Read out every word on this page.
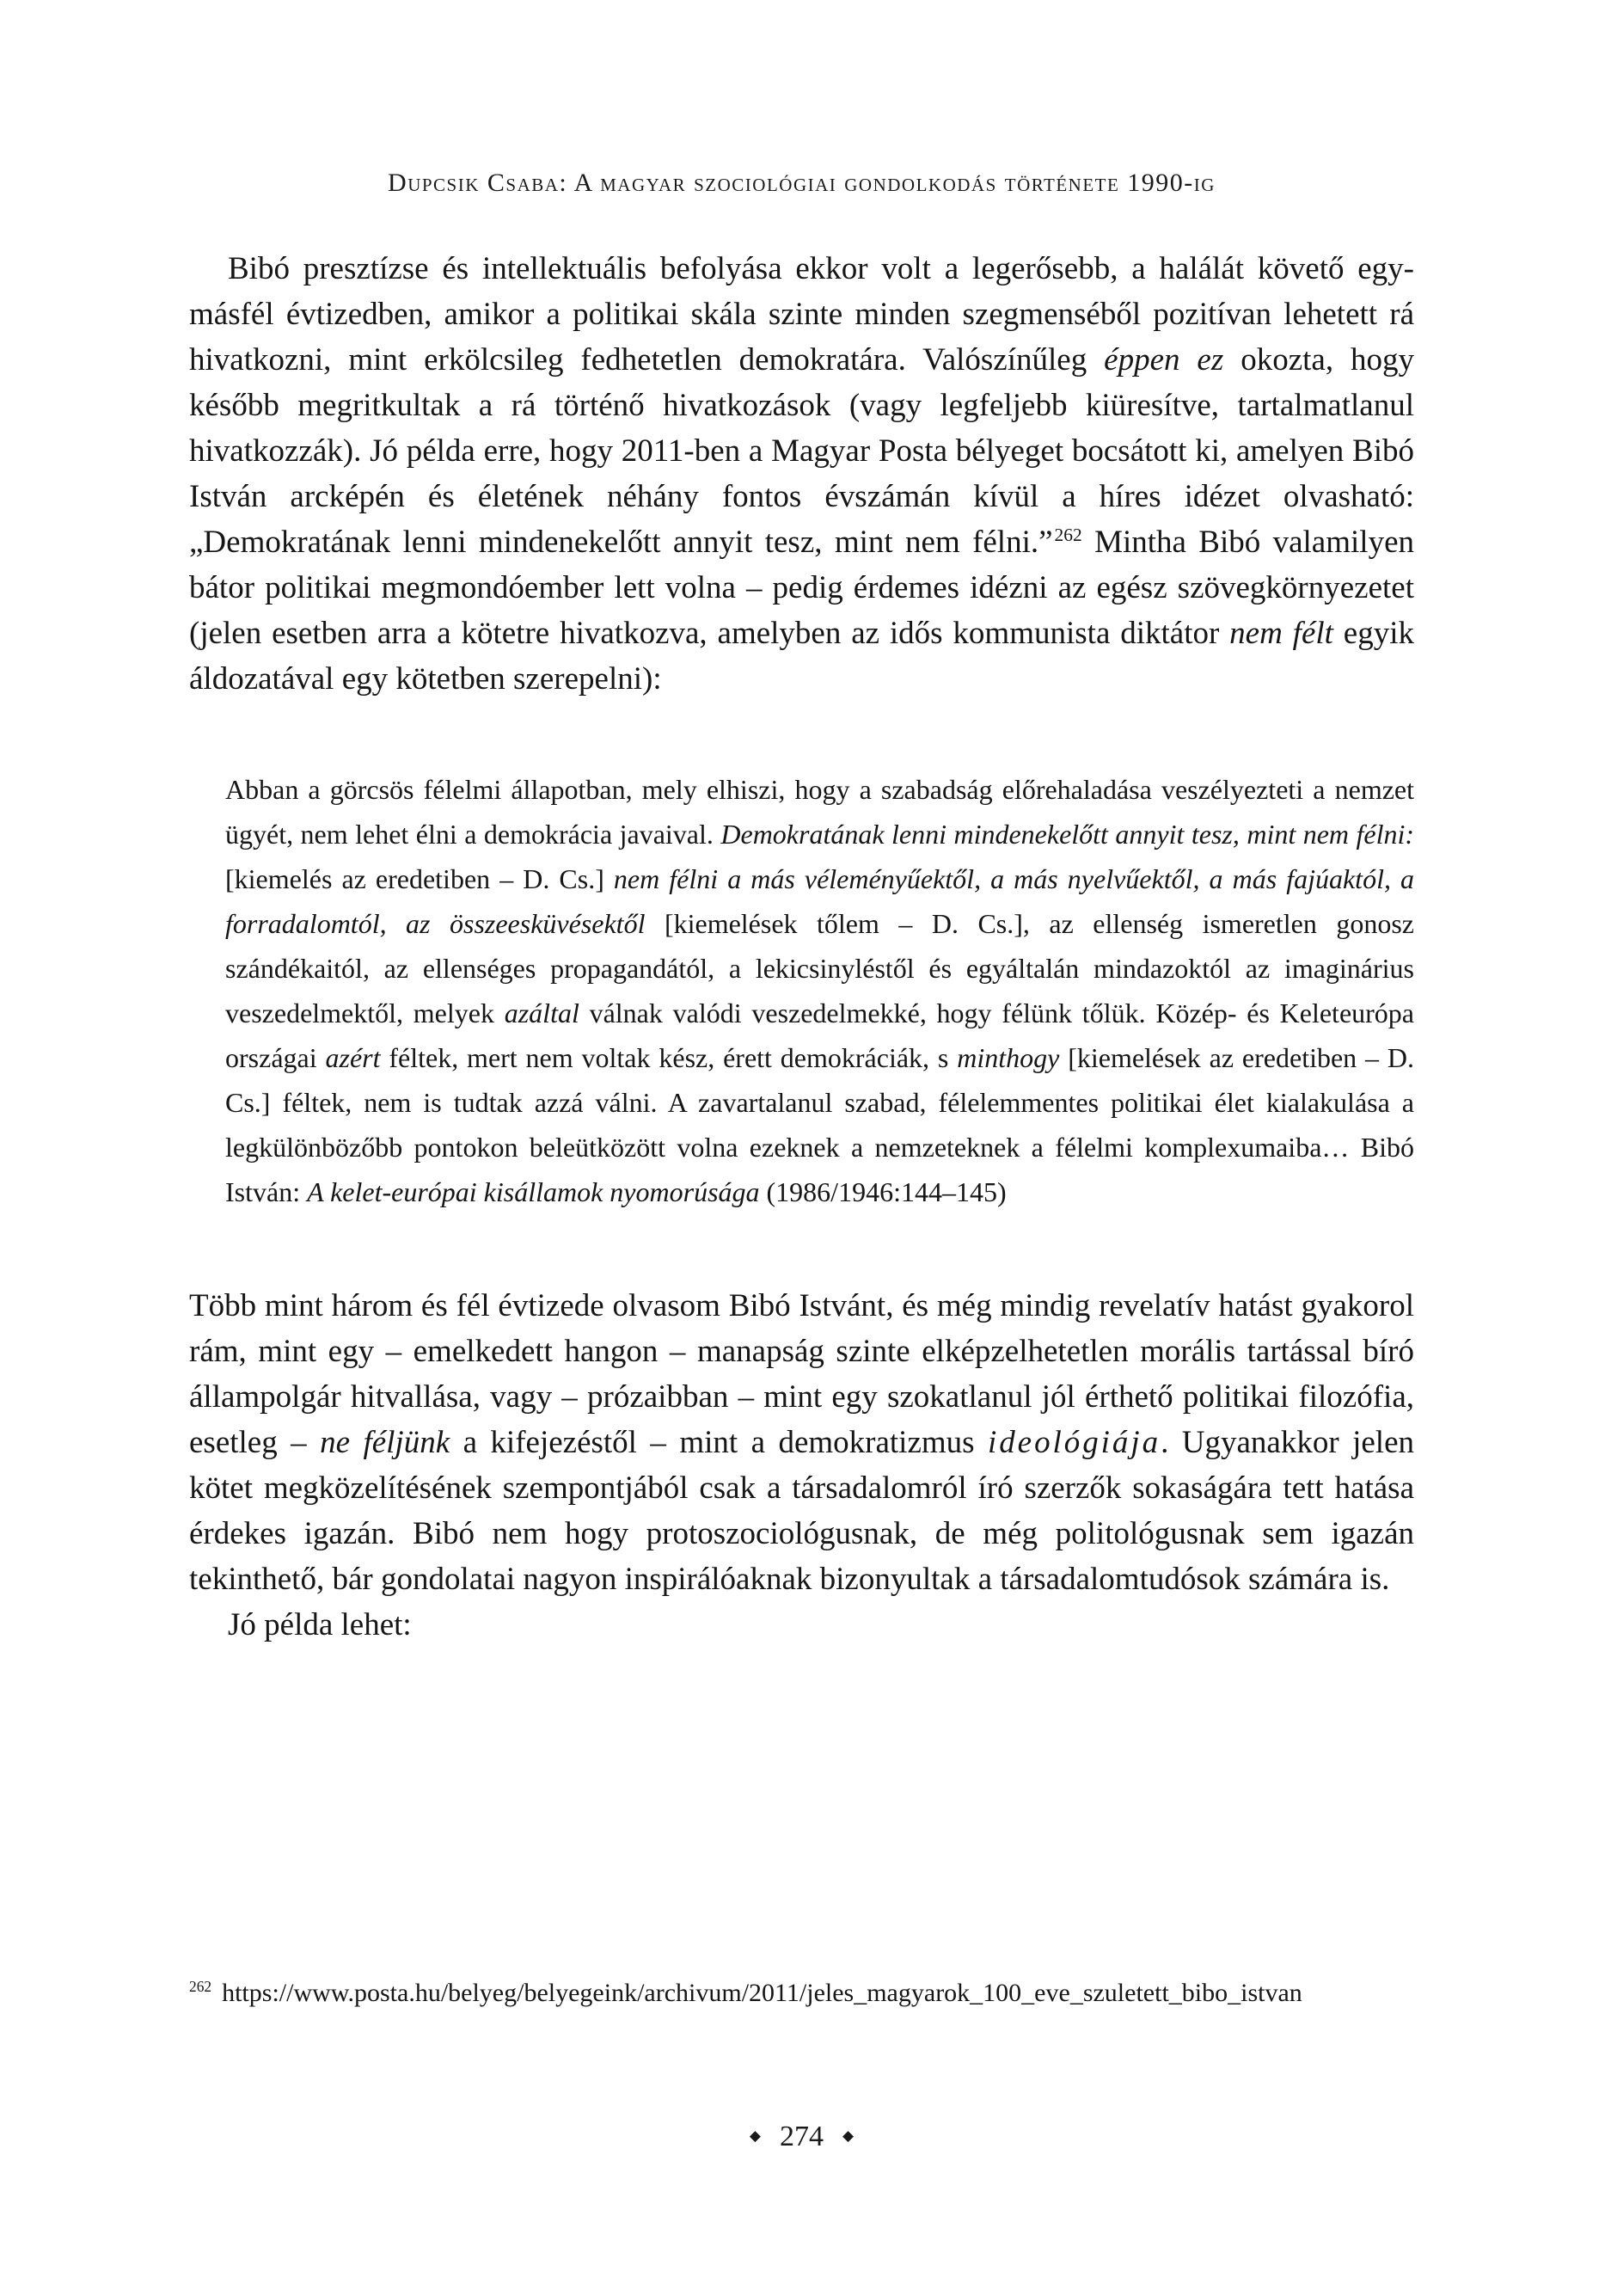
Dupcsik Csaba: A magyar szociológiai gondolkodás története 1990-ig

Bibó presztízse és intellektuális befolyása ekkor volt a legerősebb, a halálát követő egy-másfél évtizedben, amikor a politikai skála szinte minden szegmenséből pozitívan lehetett rá hivatkozni, mint erkölcsileg fedhetetlen demokratára. Valószínűleg éppen ez okozta, hogy később megritkultak a rá történő hivatkozások (vagy legfeljebb kiüresítve, tartalmatlanul hivatkozzák). Jó példa erre, hogy 2011-ben a Magyar Posta bélyeget bocsátott ki, amelyen Bibó István arcképén és életének néhány fontos évszámán kívül a híres idézet olvasható: „Demokratának lenni mindenekelőtt annyit tesz, mint nem félni.”$^{262}$ Mintha Bibó valamilyen bátor politikai megmondóember lett volna – pedig érdemes idézni az egész szövegkörnyezetet (jelen esetben arra a kötetre hivatkozva, amelyben az idős kommunista diktátor nem félt egyik áldozatával egy kötetben szerepelni):

Abban a görcsös félelmi állapotban, mely elhiszi, hogy a szabadság előrehaladása veszélyezteti a nemzet ügyét, nem lehet élni a demokrácia javaival. Demokratának lenni mindenekelőtt annyit tesz, mint nem félni: [kiemelés az eredetiben – D. Cs.] nem félni a más véleményűektől, a más nyelvűektől, a más fajúaktól, a forradalomtól, az összeesküvésektől [kiemelések tőlem – D. Cs.], az ellenség ismeretlen gonosz szándékaitól, az ellenséges propagandától, a lekicsinyléstől és egyáltalán mindazoktól az imaginárius veszedelmektől, melyek azáltal válnak valódi veszedelmekké, hogy félünk tőlük. Közép- és Keleteurópa országai azért féltek, mert nem voltak kész, érett demokráciák, s minthogy [kiemelések az eredetiben – D. Cs.] féltek, nem is tudtak azzá válni. A zavartalanul szabad, félelemmentes politikai élet kialakulása a legkülönbözőbb pontokon beleütközött volna ezeknek a nemzeteknek a félelmi komplexumaiba… Bibó István: A kelet-európai kisállamok nyomorúsága (1986/1946:144–145)

Több mint három és fél évtizede olvasom Bibó Istvánt, és még mindig revelatív hatást gyakorol rám, mint egy – emelkedett hangon – manapság szinte elképzelhetetlen morális tartással bíró állampolgár hitvallása, vagy – prózaibban – mint egy szokatlanul jól érthető politikai filozófia, esetleg – ne féljünk a kifejezéstől – mint a demokratizmus ideológiája. Ugyanakkor jelen kötet megközelítésének szempontjából csak a társadalomról író szerzők sokaságára tett hatása érdekes igazán. Bibó nem hogy protoszociológusnak, de még politológusnak sem igazán tekinthető, bár gondolatai nagyon inspirálóaknak bizonyultak a társadalomtudósok számára is.

Jó példa lehet:

$^{262}$ https://www.posta.hu/belyeg/belyegeink/archivum/2011/jeles_magyarok_100_eve_szuletett_bibo_istvan
◆ 274 ◆
